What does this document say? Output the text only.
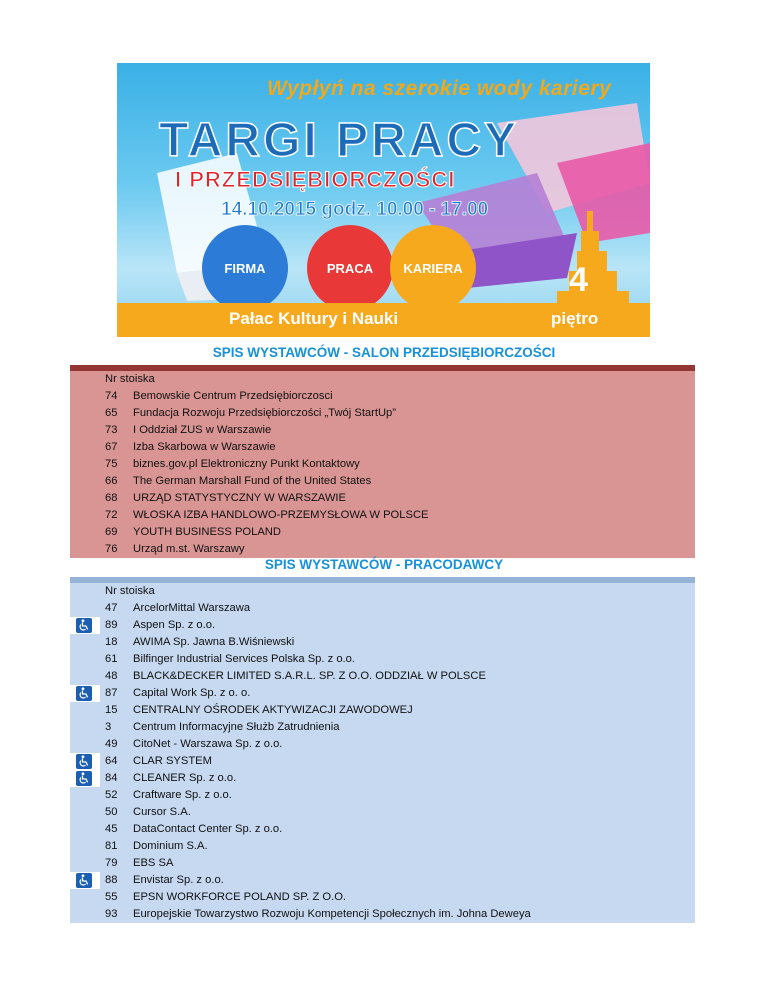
Wypłyń na szerokie wody kariery
TARGI PRACY
I PRZEDSIĘBIORCZOŚCI
14.10.2015 godz. 10.00 - 17.00
FIRMA	PRACA	KARIERA
Pałac Kultury i Nauki
4
piętro
SPIS WYSTAWCÓW - SALON PRZEDSIĘBIORCZOŚCI
Nr stoiska
74 Bemowskie Centrum Przedsiębiorczosci
65 Fundacja Rozwoju Przedsiębiorczości „Twój StartUp”
73 I Oddział ZUS w Warszawie
67 Izba Skarbowa w Warszawie
75 biznes.gov.pl Elektroniczny Punkt Kontaktowy
66 The German Marshall Fund of the United States
68 URZĄD STATYSTYCZNY W WARSZAWIE
72 WŁOSKA IZBA HANDLOWO-PRZEMYSŁOWA W POLSCE
69 YOUTH BUSINESS POLAND
76 Urząd m.st. Warszawy
SPIS WYSTAWCÓW - PRACODAWCY
Nr stoiska
47 ArcelorMittal Warszawa
89 Aspen Sp. z o.o.
18 AWIMA Sp. Jawna B.Wiśniewski
61 Bilfinger Industrial Services Polska Sp. z o.o.
48 BLACK&DECKER LIMITED S.A.R.L. SP. Z O.O. ODDZIAŁ W POLSCE
87 Capital Work Sp. z o. o.
15 CENTRALNY OŚRODEK AKTYWIZACJI ZAWODOWEJ
3 Centrum Informacyjne Służb Zatrudnienia
49 CitoNet - Warszawa Sp. z o.o.
64 CLAR SYSTEM
84 CLEANER Sp. z o.o.
52 Craftware Sp. z o.o.
50 Cursor S.A.
45 DataContact Center Sp. z o.o.
81 Dominium S.A.
79 EBS SA
88 Envistar Sp. z o.o.
55 EPSN WORKFORCE POLAND SP. Z O.O.
93 Europejskie Towarzystwo Rozwoju Kompetencji Społecznych im. Johna Deweya
